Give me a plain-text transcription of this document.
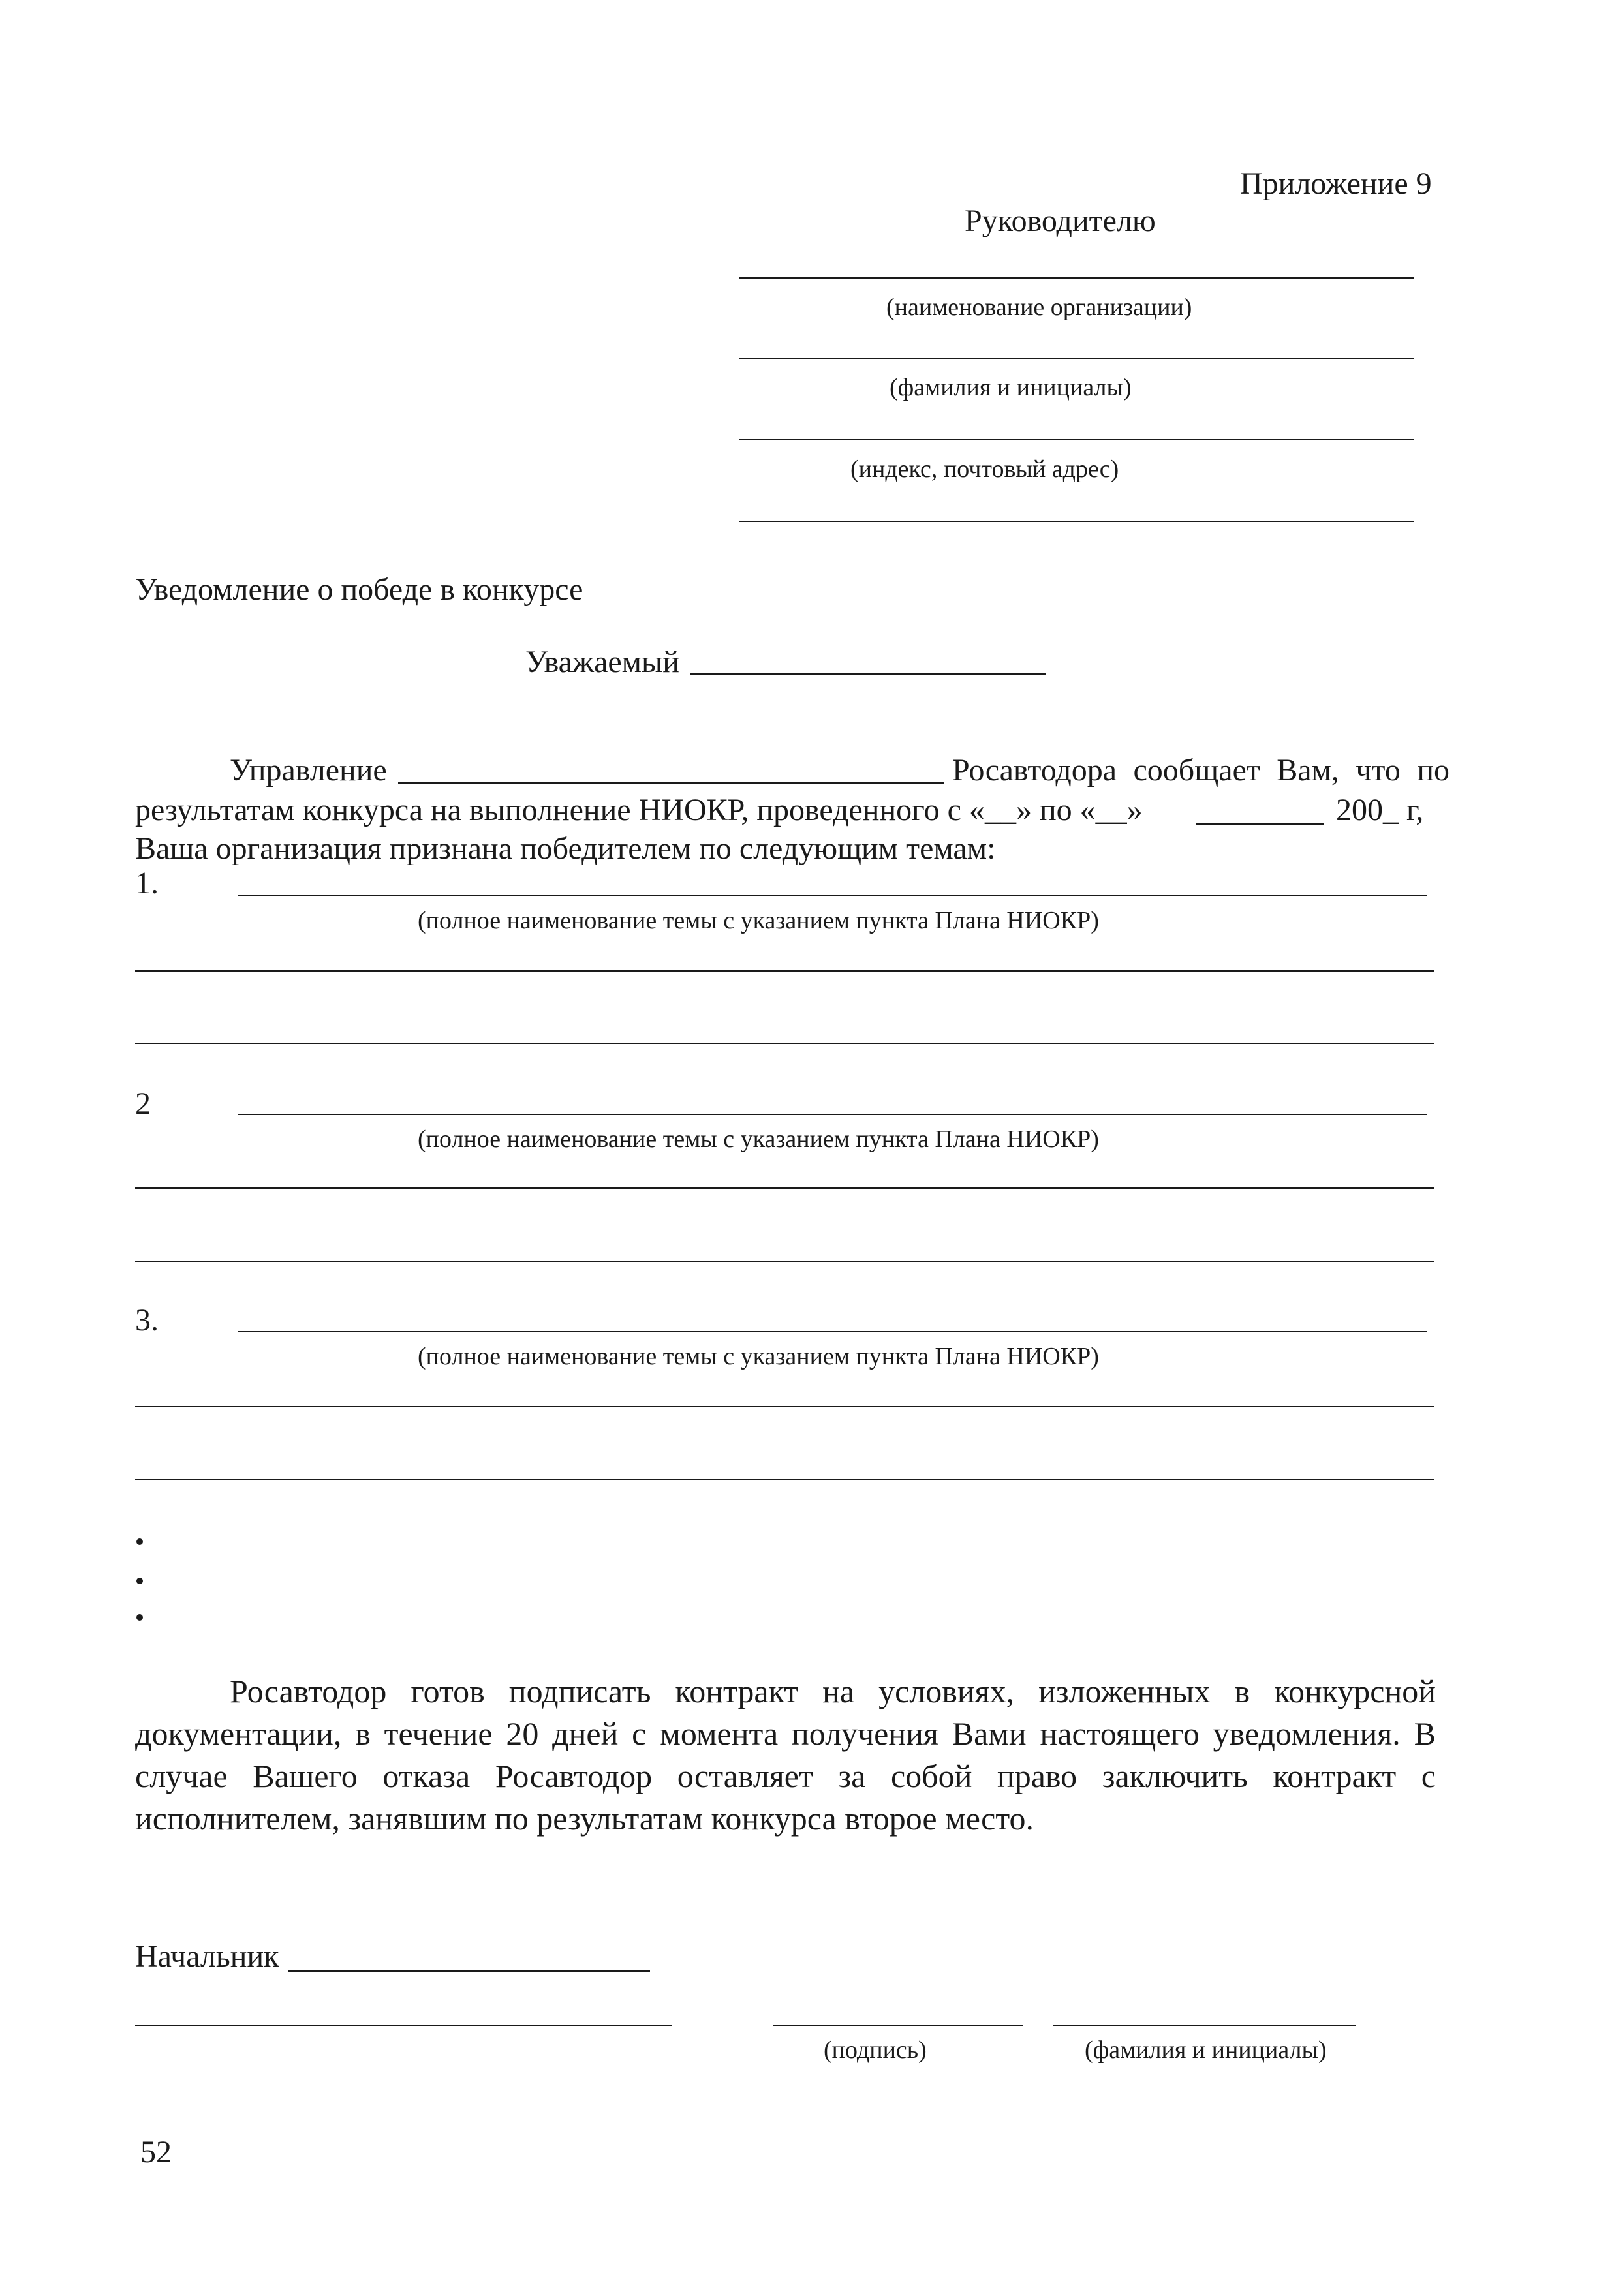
Приложение 9
Руководителю
(наименование организации)
(фамилия и инициалы)
(индекс, почтовый адрес)
Уведомление о победе в конкурсе
Уважаемый
Управление	Росавтодора сообщает Вам, что по
результатам конкурса на выполнение НИОКР, проведенного с «__» по «__»	200_ г,
Ваша организация признана победителем по следующим темам:
1.
(полное наименование темы с указанием пункта Плана НИОКР)
2
(полное наименование темы с указанием пункта Плана НИОКР)
3.
(полное наименование темы с указанием пункта Плана НИОКР)
Росавтодор готов подписать контракт на условиях, изложенных в конкурсной документации, в течение 20 дней с момента получения Вами настоящего уведомления. В случае Вашего отказа Росавтодор оставляет за собой право заключить контракт с исполнителем, занявшим по результатам конкурса второе место.
Начальник
(подпись)	(фамилия и инициалы)
52
